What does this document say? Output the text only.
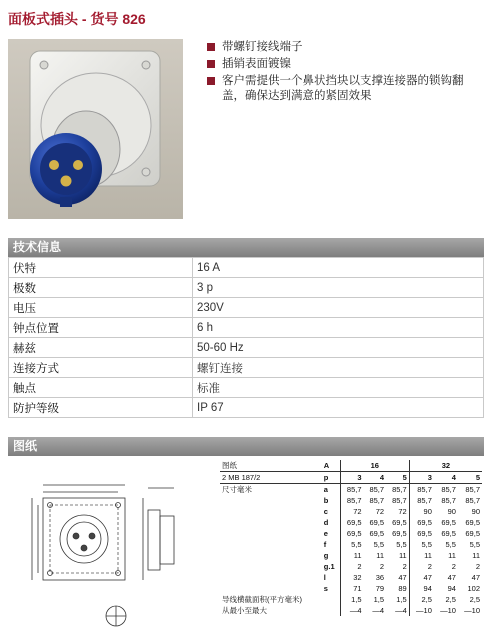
面板式插头 - 货号 826
带螺钉接线端子
插销表面镀镍
客户需提供一个鼻状挡块以支撑连接器的锁钩翻盖，确保达到满意的紧固效果
技术信息
伏特	16 A
极数	3 p
电压	230V
钟点位置	6 h
赫兹	50-60 Hz
连接方式	螺钉连接
触点	标准
防护等级	IP 67
图纸
图纸	A	16			32		
2 MB 187/2	p	3	4	5	3	4	5
尺寸毫米	a	85,7	85,7	85,7	85,7	85,7	85,7
	b	85,7	85,7	85,7	85,7	85,7	85,7
	c	72	72	72	90	90	90
	d	69,5	69,5	69,5	69,5	69,5	69,5
	e	69,5	69,5	69,5	69,5	69,5	69,5
	f	5,5	5,5	5,5	5,5	5,5	5,5
	g	11	11	11	11	11	11
	g.1	2	2	2	2	2	2
	l	32	36	47	47	47	47
	s	71	79	89	94	94	102
导线横截面积(平方毫米)		1,5	1,5	1,5	2,5	2,5	2,5
从最小至最大		—4	—4	—4	—10	—10	—10
